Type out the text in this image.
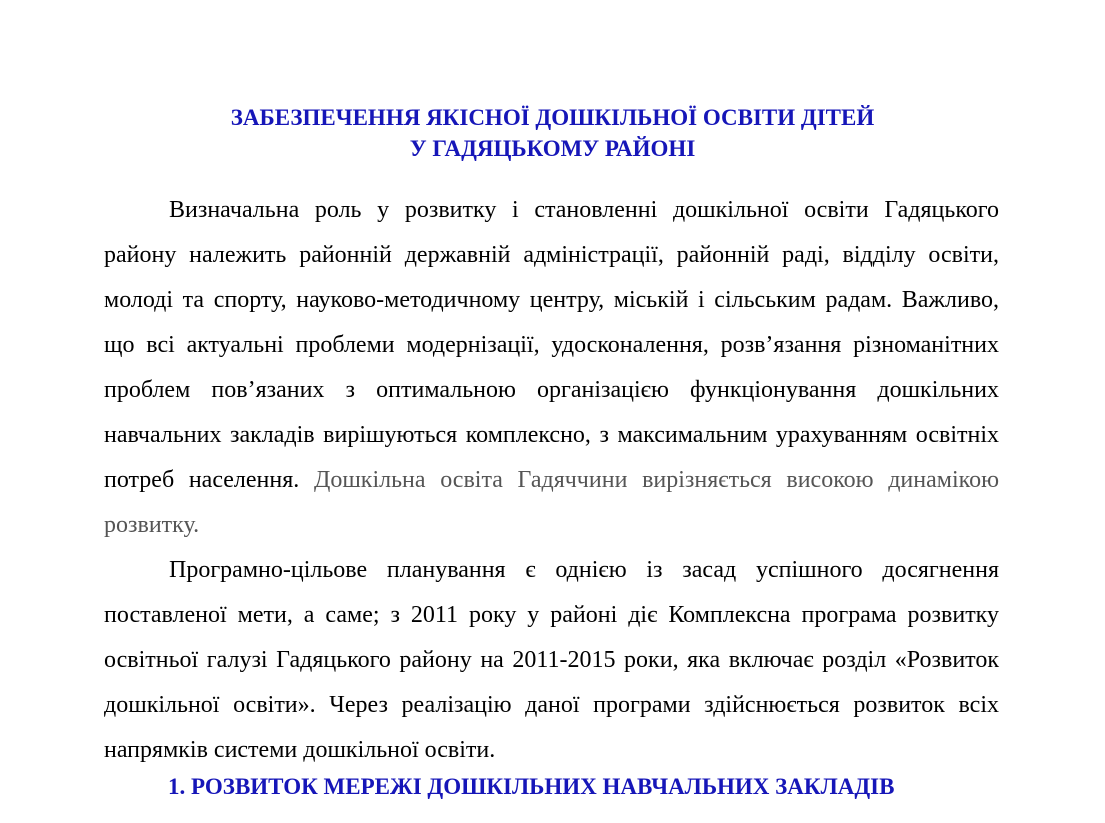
ЗАБЕЗПЕЧЕННЯ ЯКІСНОЇ ДОШКІЛЬНОЇ ОСВІТИ ДІТЕЙ
У ГАДЯЦЬКОМУ РАЙОНІ

Визначальна роль у розвитку і становленні дошкільної освіти Гадяцького району належить районній державній адміністрації, районній раді, відділу освіти, молоді та спорту, науково-методичному центру, міській і сільським радам. Важливо, що всі актуальні проблеми модернізації, удосконалення, розв’язання різноманітних проблем пов’язаних з оптимальною організацією функціонування дошкільних навчальних закладів вирішуються комплексно, з максимальним урахуванням освітніх потреб населення. Дошкільна освіта Гадяччини вирізняється високою динамікою розвитку.

Програмно-цільове планування є однією із засад успішного досягнення поставленої мети, а саме; з 2011 року у районі діє Комплексна програма розвитку освітньої галузі Гадяцького району на 2011-2015 роки, яка включає розділ «Розвиток дошкільної освіти». Через реалізацію даної програми здійснюється розвиток всіх напрямків системи дошкільної освіти.

1. РОЗВИТОК МЕРЕЖІ ДОШКІЛЬНИХ НАВЧАЛЬНИХ ЗАКЛАДІВ
